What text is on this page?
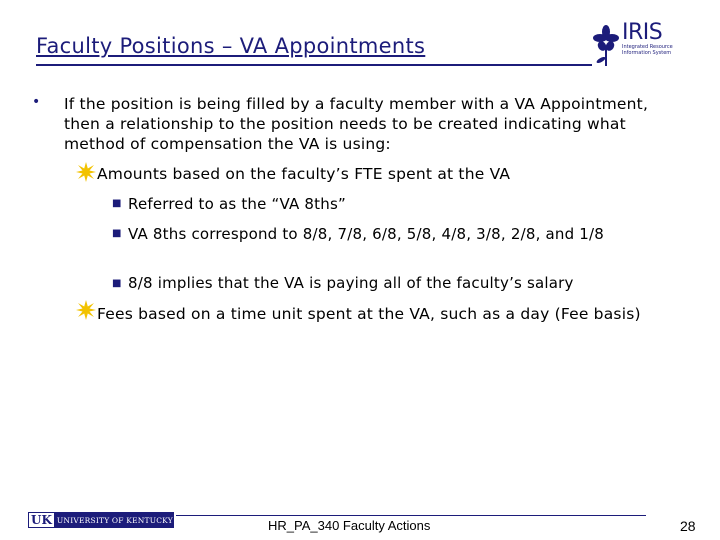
Faculty Positions – VA Appointments
IRIS
Integrated Resource Information System
• If the position is being filled by a faculty member with a VA Appointment, then a relationship to the position needs to be created indicating what method of compensation the VA is using:
Amounts based on the faculty’s FTE spent at the VA
■ Referred to as the “VA 8ths”
■ VA 8ths correspond to 8/8, 7/8, 6/8, 5/8, 4/8, 3/8, 2/8, and 1/8
■ 8/8 implies that the VA is paying all of the faculty’s salary
Fees based on a time unit spent at the VA, such as a day (Fee basis)
UK UNIVERSITY OF KENTUCKY	HR_PA_340 Faculty Actions	28
